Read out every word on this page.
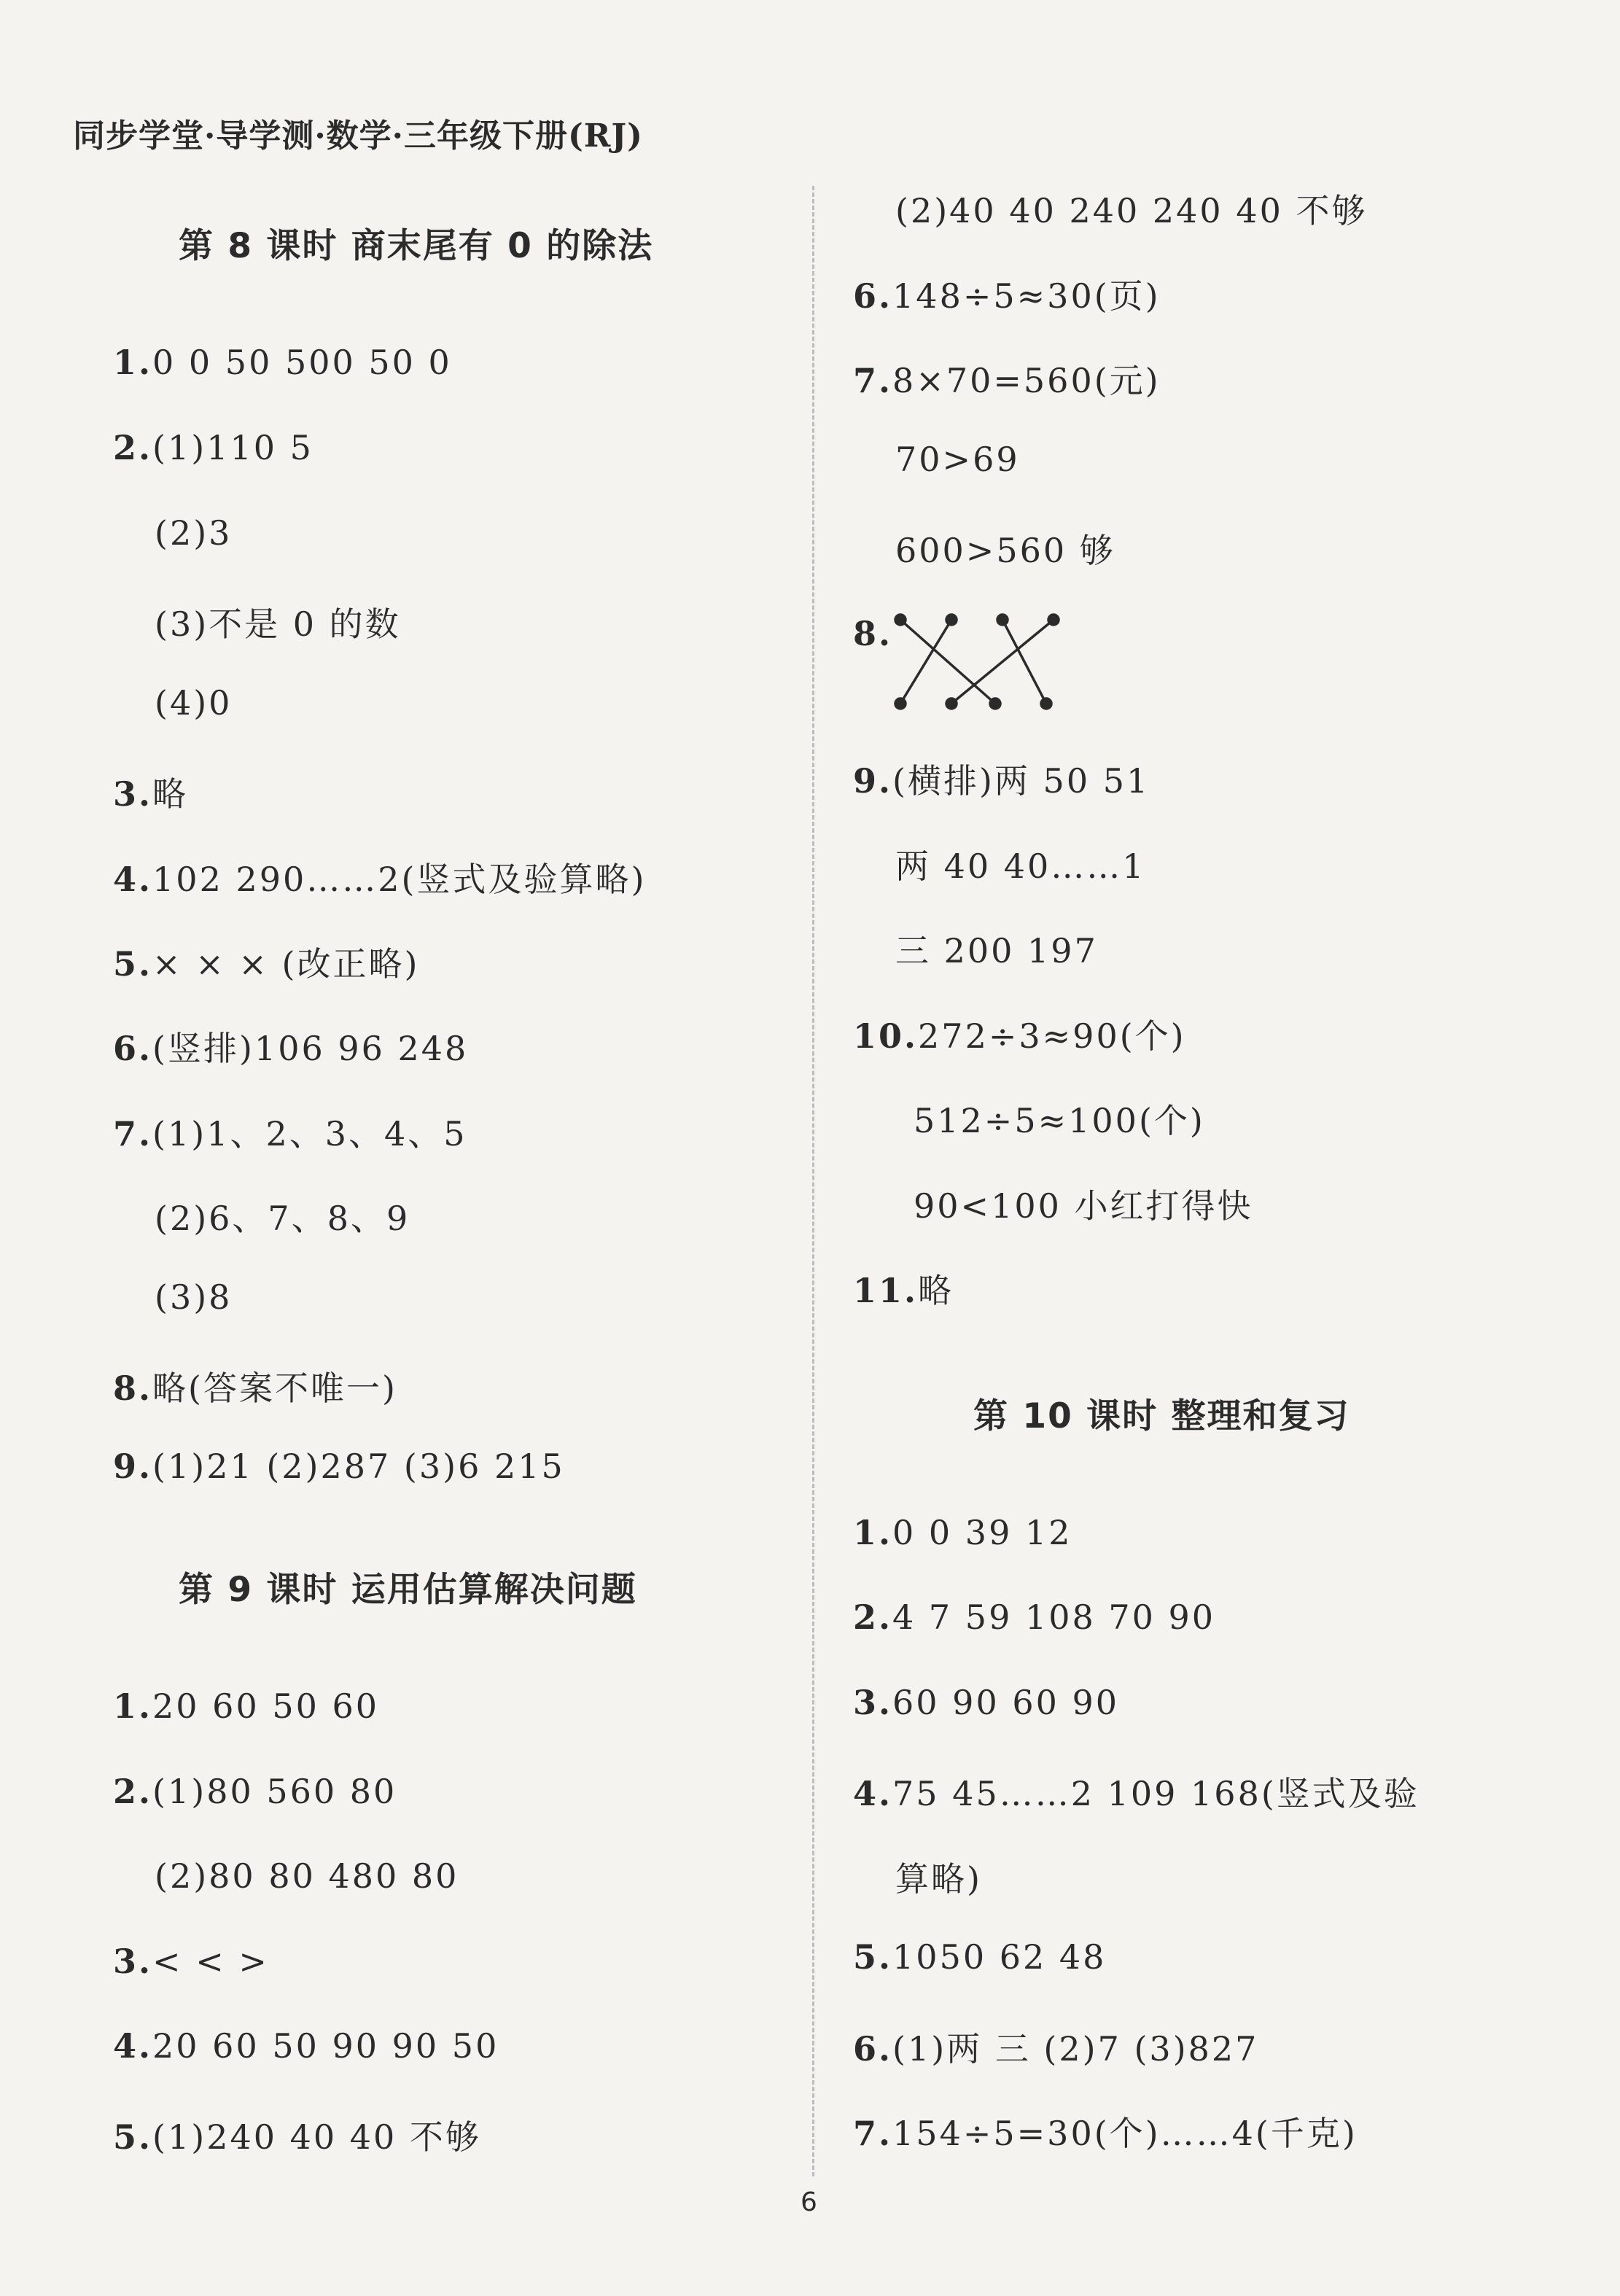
同步学堂·导学测·数学·三年级下册(RJ)
第 8 课时 商末尾有 0 的除法
1.0 0 50 500 50 0
2.(1)110 5
(2)3
(3)不是 0 的数
(4)0
3.略
4.102 290……2(竖式及验算略)
5.× × × (改正略)
6.(竖排)106 96 248
7.(1)1、2、3、4、5
(2)6、7、8、9
(3)8
8.略(答案不唯一)
9.(1)21 (2)287 (3)6 215
第 9 课时 运用估算解决问题
1.20 60 50 60
2.(1)80 560 80
(2)80 80 480 80
3.< < >
4.20 60 50 90 90 50
5.(1)240 40 40 不够
(2)40 40 240 240 40 不够
6.148÷5≈30(页)
7.8×70=560(元)
70>69
600>560 够
8.
9.(横排)两 50 51
两 40 40……1
三 200 197
10.272÷3≈90(个)
512÷5≈100(个)
90<100 小红打得快
11.略
第 10 课时 整理和复习
1.0 0 39 12
2.4 7 59 108 70 90
3.60 90 60 90
4.75 45……2 109 168(竖式及验
算略)
5.1050 62 48
6.(1)两 三 (2)7 (3)827
7.154÷5=30(个)……4(千克)
6
